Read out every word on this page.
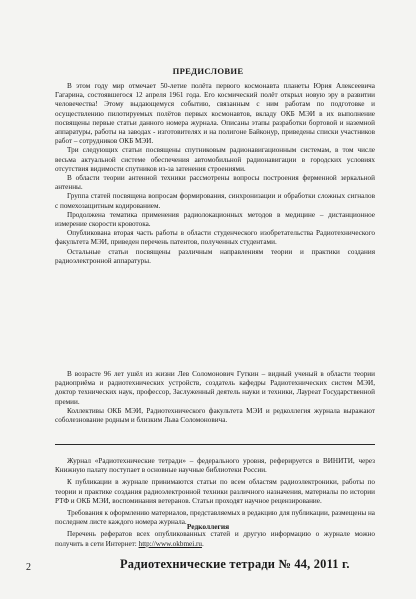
ПРЕДИСЛОВИЕ

В этом году мир отмечает 50-летие полёта первого космонавта планеты Юрия Алексеевича Гагарина, состоявшегося 12 апреля 1961 года. Его космический полёт открыл новую эру в развитии человечества! Этому выдающемуся событию, связанным с ним работам по подготовке и осуществлению пилотируемых полётов первых космонавтов, вкладу ОКБ МЭИ в их выполнение посвящены первые статьи данного номера журнала. Описаны этапы разработки бортовой и наземной аппаратуры, работы на заводах - изготовителях и на полигоне Байконур, приведены списки участников работ – сотрудников ОКБ МЭИ.

Три следующих статьи посвящены спутниковым радионавигационным системам, в том числе весьма актуальной системе обеспечения автомобильной радионавигации в городских условиях отсутствия видимости спутников из-за затенения строениями.

В области теории антенной техники рассмотрены вопросы построения ферменной зеркальной антенны.

Группа статей посвящена вопросам формирования, синхронизации и обработки сложных сигналов с помехозащитным кодированием.

Продолжена тематика применения радиолокационных методов в медицине – дистанционное измерение скорости кровотока.

Опубликована вторая часть работы в области студенческого изобретательства Радиотехнического факультета МЭИ, приведен перечень патентов, полученных студентами.

Остальные статьи посвящены различным направлениям теории и практики создания радиоэлектронной аппаратуры.

В возрасте 96 лет ушёл из жизни Лев Соломонович Гуткин – видный ученый в области теории радиоприёма и радиотехнических устройств, создатель кафедры Радиотехнических систем МЭИ, доктор технических наук, профессор, Заслуженный деятель науки и техники, Лауреат Государственной премии.

Коллективы ОКБ МЭИ, Радиотехнического факультета МЭИ и редколлегия журнала выражают соболезнование родным и близким Льва Соломоновича.

Журнал «Радиотехнические тетради» – федерального уровня, реферируется в ВИНИТИ, через Книжную палату поступает в основные научные библиотеки России.

К публикации в журнале принимаются статьи по всем областям радиоэлектроники, работы по теории и практике создания радиоэлектронной техники различного назначения, материалы по истории РТФ и ОКБ МЭИ, воспоминания ветеранов. Статьи проходят научное рецензирование.

Требования к оформлению материалов, представляемых в редакцию для публикации, размещены на последнем листе каждого номера журнала.

Перечень рефератов всех опубликованных статей и другую информацию о журнале можно получить в сети Интернет: http://www.okbmei.ru.

Редколлегия
2	Радиотехнические тетради № 44, 2011 г.
